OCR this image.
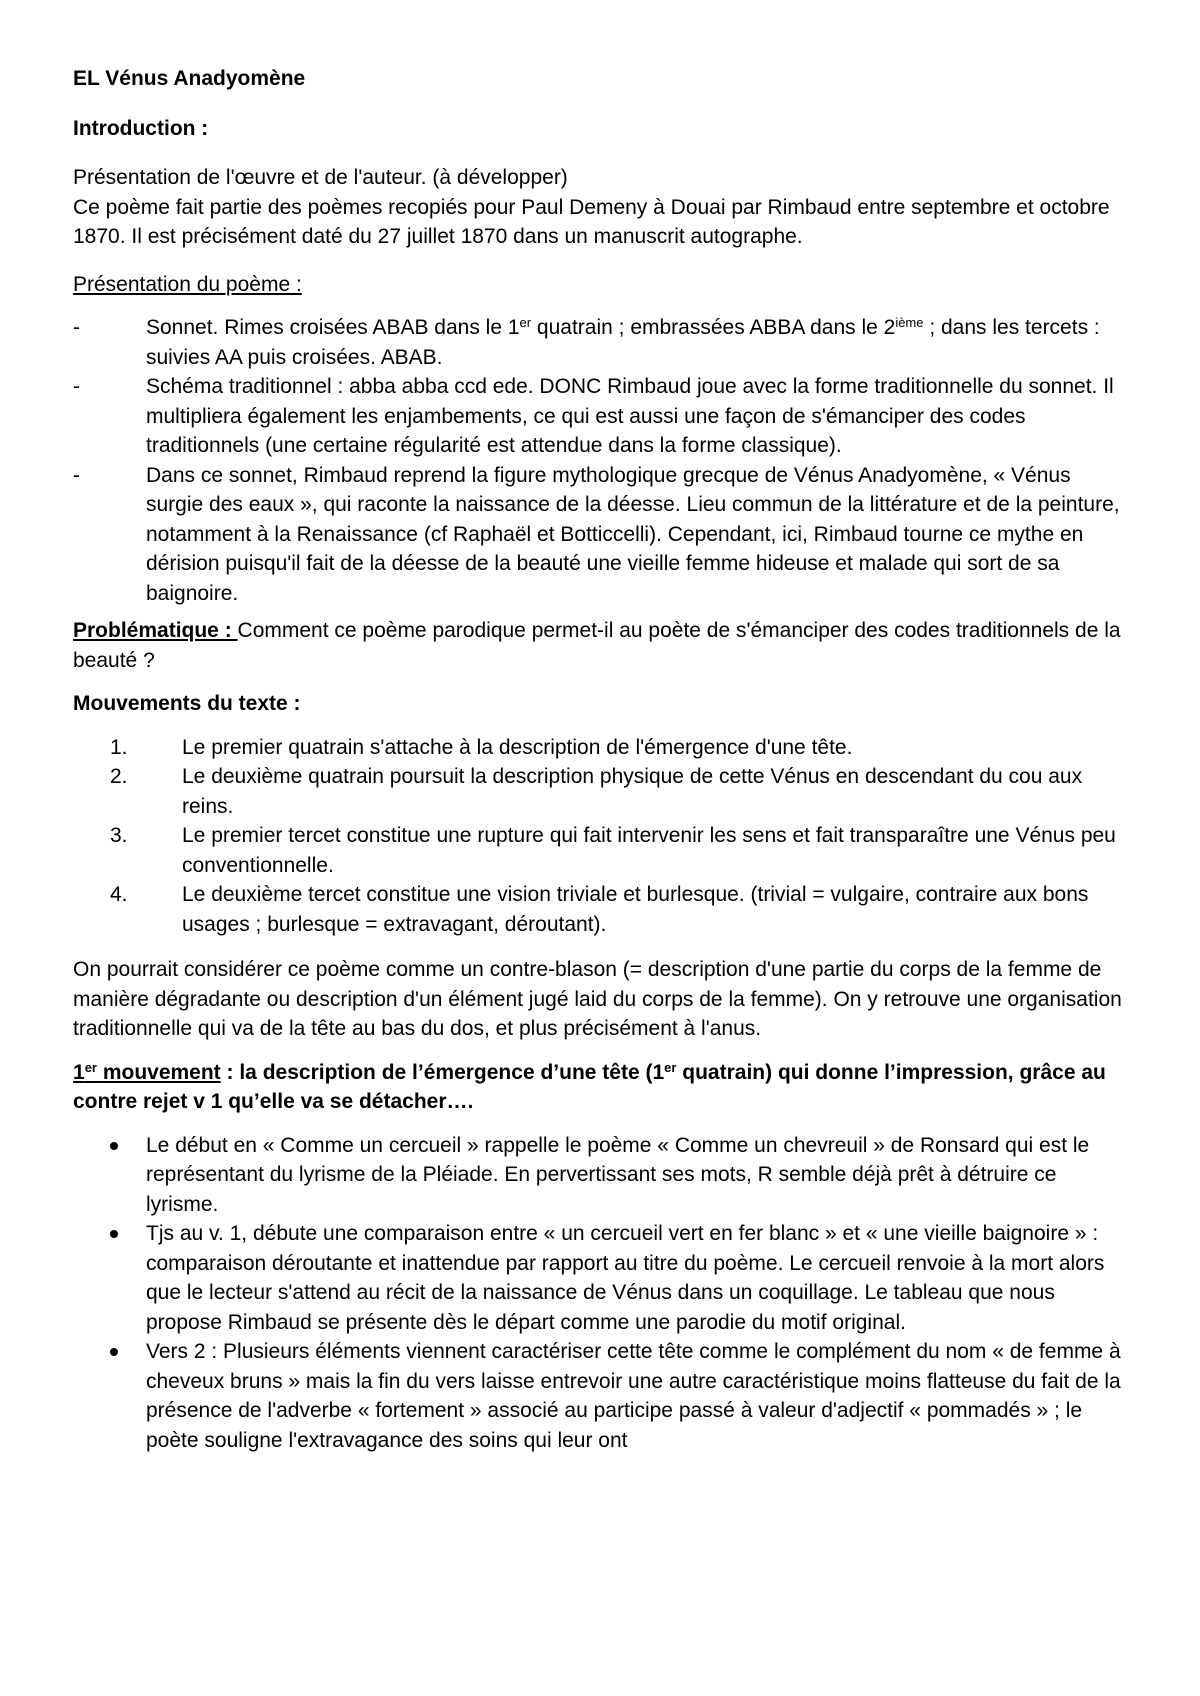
EL Vénus Anadyomène

Introduction :

Présentation de l'œuvre et de l'auteur. (à développer)

Ce poème fait partie des poèmes recopiés pour Paul Demeny à Douai par Rimbaud entre septembre et octobre 1870. Il est précisément daté du 27 juillet 1870 dans un manuscrit autographe.

Présentation du poème :

-	Sonnet. Rimes croisées ABAB dans le 1er quatrain ; embrassées ABBA dans le 2ième ; dans les tercets : suivies AA puis croisées. ABAB.
-	Schéma traditionnel : abba abba ccd ede. DONC Rimbaud joue avec la forme traditionnelle du sonnet. Il multipliera également les enjambements, ce qui est aussi une façon de s'émanciper des codes traditionnels (une certaine régularité est attendue dans la forme classique).
-	Dans ce sonnet, Rimbaud reprend la figure mythologique grecque de Vénus Anadyomène, « Vénus surgie des eaux », qui raconte la naissance de la déesse. Lieu commun de la littérature et de la peinture, notamment à la Renaissance (cf Raphaël et Botticcelli). Cependant, ici, Rimbaud tourne ce mythe en dérision puisqu'il fait de la déesse de la beauté une vieille femme hideuse et malade qui sort de sa baignoire.

Problématique : Comment ce poème parodique permet-il au poète de s'émanciper des codes traditionnels de la beauté ?

Mouvements du texte :

1.	Le premier quatrain s'attache à la description de l'émergence d'une tête.
2.	Le deuxième quatrain poursuit la description physique de cette Vénus en descendant du cou aux reins.
3.	Le premier tercet constitue une rupture qui fait intervenir les sens et fait transparaître une Vénus peu conventionnelle.
4.	Le deuxième tercet constitue une vision triviale et burlesque. (trivial = vulgaire, contraire aux bons usages ; burlesque = extravagant, déroutant).

On pourrait considérer ce poème comme un contre-blason (= description d'une partie du corps de la femme de manière dégradante ou description d'un élément jugé laid du corps de la femme). On y retrouve une organisation traditionnelle qui va de la tête au bas du dos, et plus précisément à l'anus.

1er mouvement : la description de l’émergence d’une tête (1er quatrain) qui donne l’impression, grâce au contre rejet v 1 qu’elle va se détacher….

Le début en « Comme un cercueil » rappelle le poème « Comme un chevreuil » de Ronsard qui est le représentant du lyrisme de la Pléiade. En pervertissant ses mots, R semble déjà prêt à détruire ce lyrisme.
Tjs au v. 1, débute une comparaison entre « un cercueil vert en fer blanc » et « une vieille baignoire » : comparaison déroutante et inattendue par rapport au titre du poème. Le cercueil renvoie à la mort alors que le lecteur s'attend au récit de la naissance de Vénus dans un coquillage. Le tableau que nous propose Rimbaud se présente dès le départ comme une parodie du motif original.
Vers 2 : Plusieurs éléments viennent caractériser cette tête comme le complément du nom « de femme à cheveux bruns » mais la fin du vers laisse entrevoir une autre caractéristique moins flatteuse du fait de la présence de l'adverbe « fortement » associé au participe passé à valeur d'adjectif « pommadés » ; le poète souligne l'extravagance des soins qui leur ont
